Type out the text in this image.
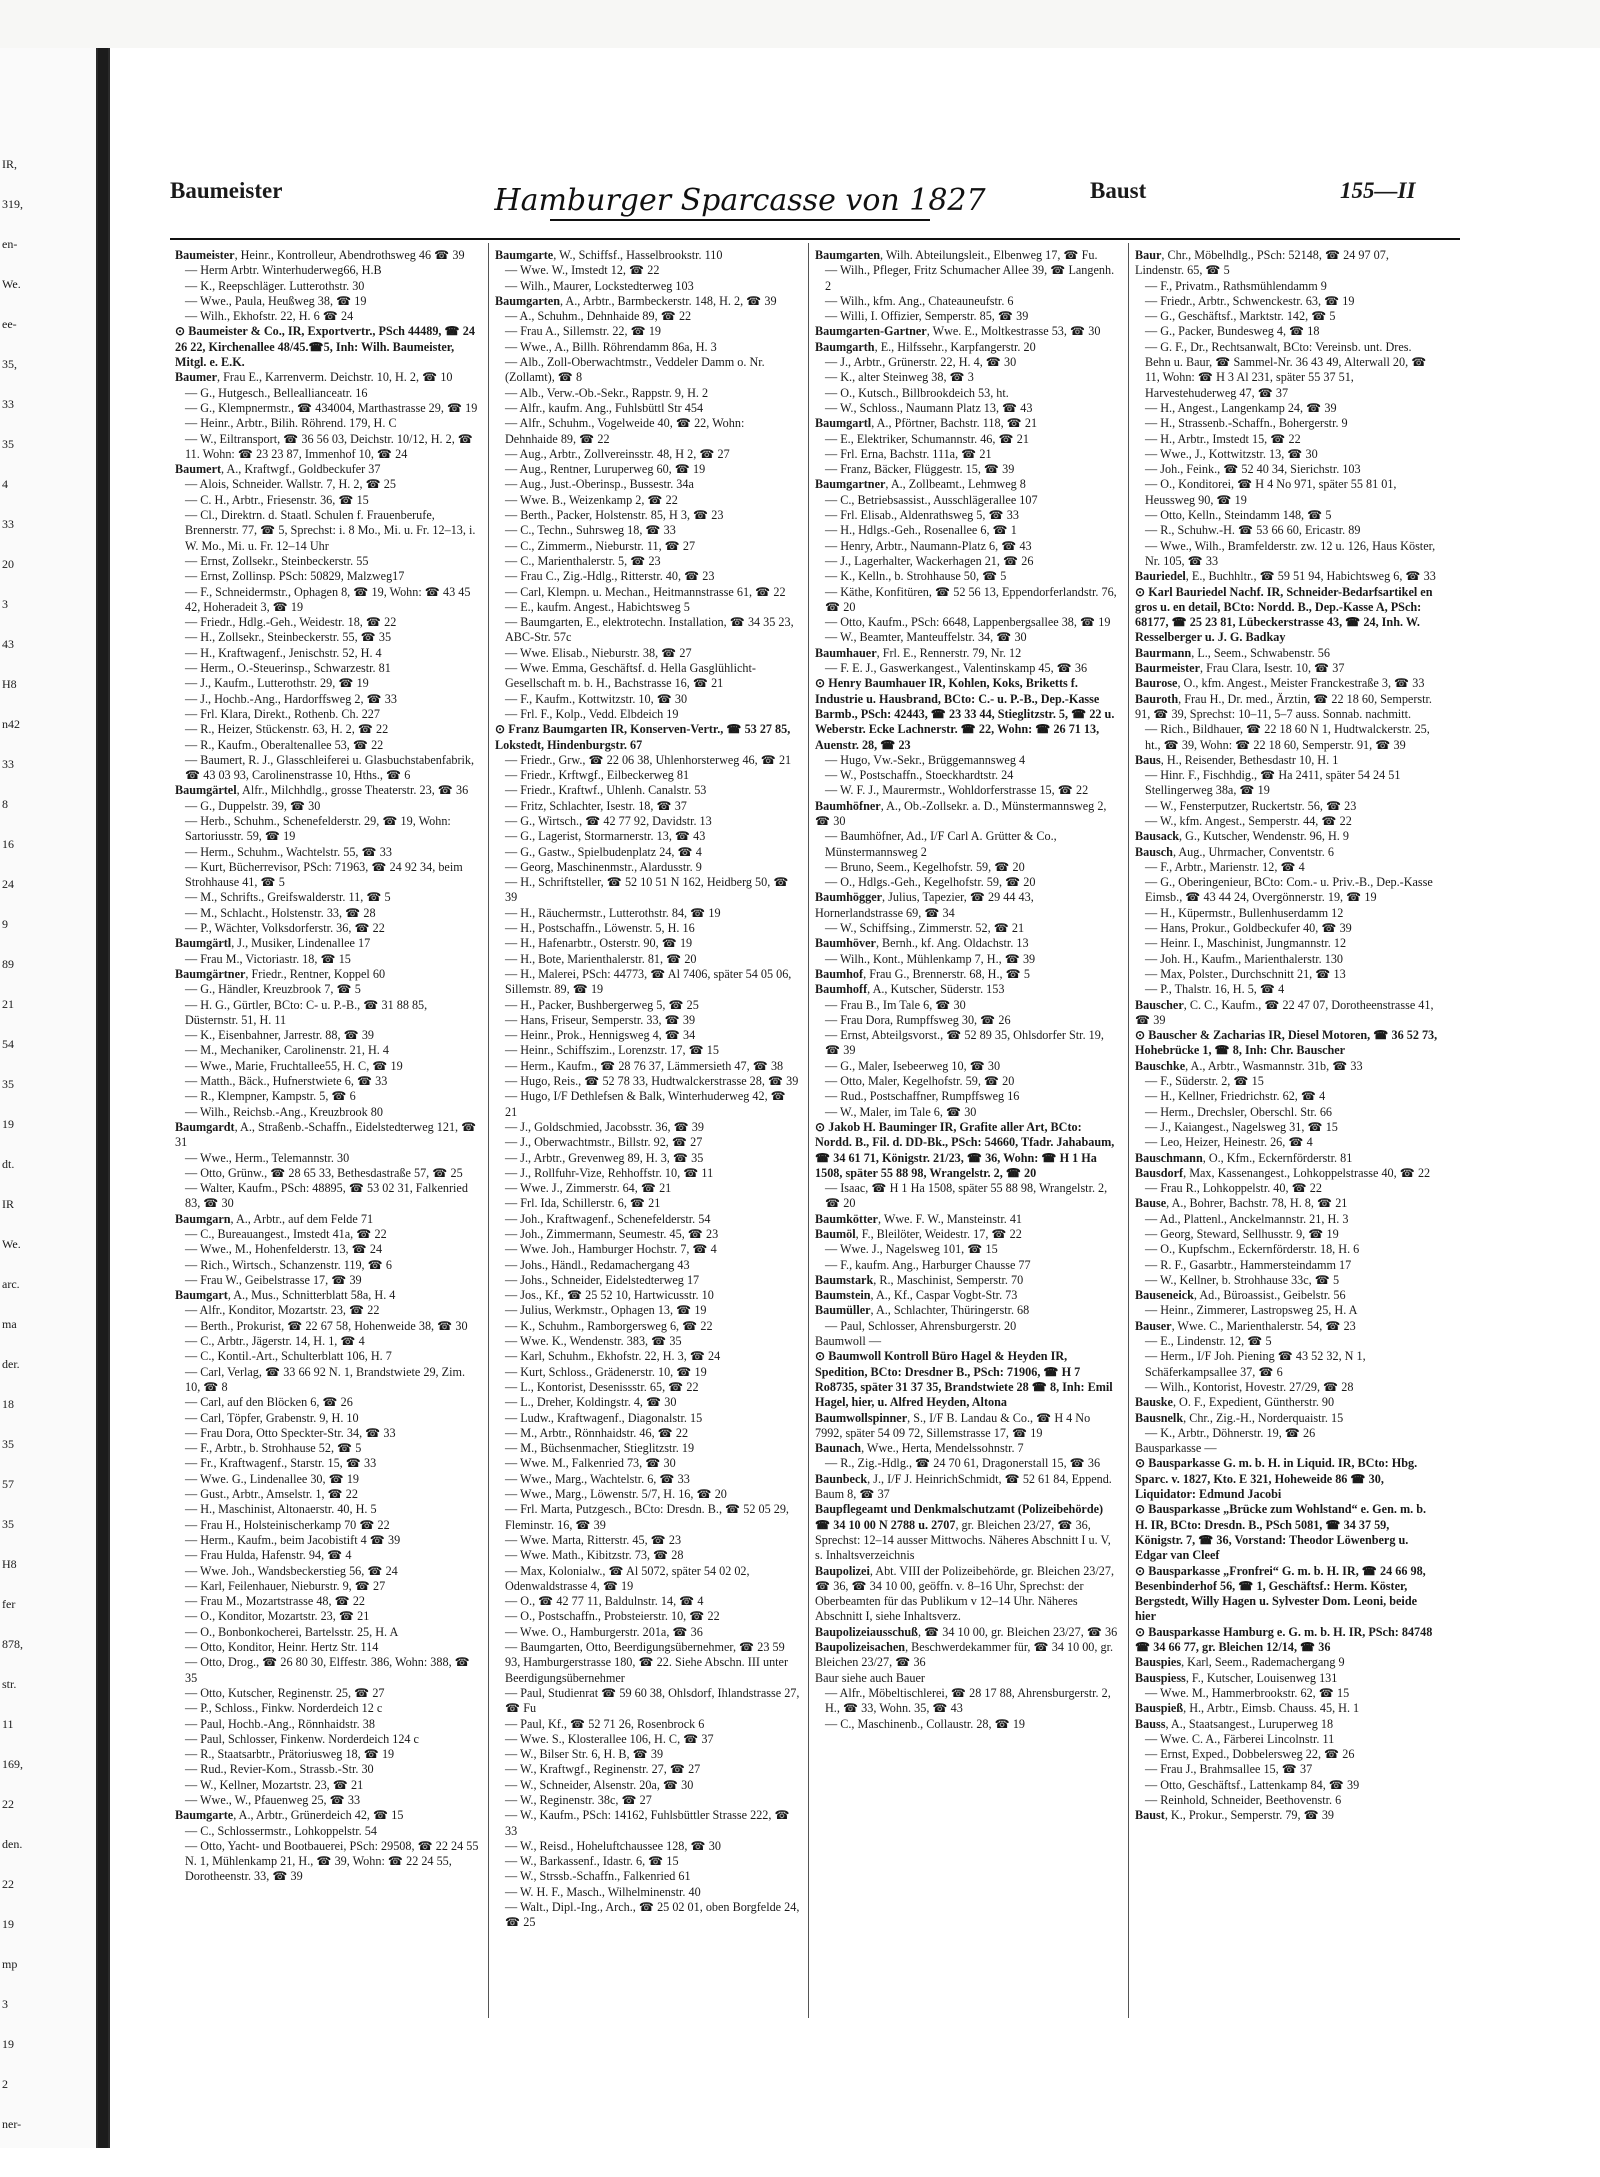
IR,
319,
en-
We.
ee-
35,
33
35
4
33
20
3
43
H8
n42
33
8
16
24
9
89
21
54
35
19
dt.
IR
We.
arc.
ma
der.
18
35
57
35
H8
fer
878,
str.
11
169,
22
den.
22
19
mp
3
19
2
ner-
Baumeister	Hamburger Sparcasse von 1827	Baust	155—II
Baumeister, Heinr., Kontrolleur, Abendrothsweg 46 ☎ 39
— Herm Arbtr. Winterhuderweg66, H.B
— K., Reepschläger. Lutterothstr. 30
— Wwe., Paula, Heußweg 38, ☎ 19
— Wilh., Ekhofstr. 22, H. 6 ☎ 24
⊙ Baumeister & Co., IR, Exportvertr., PSch 44489, ☎ 24 26 22, Kirchenallee 48/45.☎5, Inh: Wilh. Baumeister, Mitgl. e. E.K.
Baumer, Frau E., Karrenverm. Deichstr. 10, H. 2, ☎ 10
— G., Hutgesch., Belleallianceatr. 16
— G., Klempnermstr., ☎ 434004, Marthastrasse 29, ☎ 19
— Heinr., Arbtr., Bilih. Röhrend. 179, H. C
— W., Eiltransport, ☎ 36 56 03, Deichstr. 10/12, H. 2, ☎ 11. Wohn: ☎ 23 23 87, Immenhof 10, ☎ 24
Baumert, A., Kraftwgf., Goldbeckufer 37
— Alois, Schneider. Wallstr. 7, H. 2, ☎ 25
— C. H., Arbtr., Friesenstr. 36, ☎ 15
— Cl., Direktrn. d. Staatl. Schulen f. Frauenberufe, Brennerstr. 77, ☎ 5, Sprechst: i. 8 Mo., Mi. u. Fr. 12–13, i. W. Mo., Mi. u. Fr. 12–14 Uhr
— Ernst, Zollsekr., Steinbeckerstr. 55
— Ernst, Zollinsp. PSch: 50829, Malzweg17
— F., Schneidermstr., Ophagen 8, ☎ 19, Wohn: ☎ 43 45 42, Hoheradeit 3, ☎ 19
— Friedr., Hdlg.-Geh., Weidestr. 18, ☎ 22
— H., Zollsekr., Steinbeckerstr. 55, ☎ 35
— H., Kraftwagenf., Jenischstr. 52, H. 4
— Herm., O.-Steuerinsp., Schwarzestr. 81
— J., Kaufm., Lutterothstr. 29, ☎ 19
— J., Hochb.-Ang., Hardorffsweg 2, ☎ 33
— Frl. Klara, Direkt., Rothenb. Ch. 227
— R., Heizer, Stückenstr. 63, H. 2, ☎ 22
— R., Kaufm., Oberaltenallee 53, ☎ 22
— Baumert, R. J., Glasschleiferei u. Glasbuchstabenfabrik, ☎ 43 03 93, Carolinenstrasse 10, Hths., ☎ 6
Baumgärtel, Alfr., Milchhdlg., grosse Theaterstr. 23, ☎ 36
— G., Duppelstr. 39, ☎ 30
— Herb., Schuhm., Schenefelderstr. 29, ☎ 19, Wohn: Sartoriusstr. 59, ☎ 19
— Herm., Schuhm., Wachtelstr. 55, ☎ 33
— Kurt, Bücherrevisor, PSch: 71963, ☎ 24 92 34, beim Strohhause 41, ☎ 5
— M., Schrifts., Greifswalderstr. 11, ☎ 5
— M., Schlacht., Holstenstr. 33, ☎ 28
— P., Wächter, Volksdorferstr. 36, ☎ 22
Baumgärtl, J., Musiker, Lindenallee 17
— Frau M., Victoriastr. 18, ☎ 15
Baumgärtner, Friedr., Rentner, Koppel 60
— G., Händler, Kreuzbrook 7, ☎ 5
— H. G., Gürtler, BCto: C- u. P.-B., ☎ 31 88 85, Düsternstr. 51, H. 11
— K., Eisenbahner, Jarrestr. 88, ☎ 39
— M., Mechaniker, Carolinenstr. 21, H. 4
— Wwe., Marie, Fruchtallee55, H. C, ☎ 19
— Matth., Bäck., Hufnerstwiete 6, ☎ 33
— R., Klempner, Kampstr. 5, ☎ 6
— Wilh., Reichsb.-Ang., Kreuzbrook 80
Baumgardt, A., Straßenb.-Schaffn., Eidelstedterweg 121, ☎ 31
— Wwe., Herm., Telemannstr. 30
— Otto, Grünw., ☎ 28 65 33, Bethesdastraße 57, ☎ 25
— Walter, Kaufm., PSch: 48895, ☎ 53 02 31, Falkenried 83, ☎ 30
Baumgarn, A., Arbtr., auf dem Felde 71
— C., Bureauangest., Imstedt 41a, ☎ 22
— Wwe., M., Hohenfelderstr. 13, ☎ 24
— Rich., Wirtsch., Schanzenstr. 119, ☎ 6
— Frau W., Geibelstrasse 17, ☎ 39
Baumgart, A., Mus., Schnitterblatt 58a, H. 4
— Alfr., Konditor, Mozartstr. 23, ☎ 22
— Berth., Prokurist, ☎ 22 67 58, Hohenweide 38, ☎ 30
— C., Arbtr., Jägerstr. 14, H. 1, ☎ 4
— C., Kontil.-Art., Schulterblatt 106, H. 7
— Carl, Verlag, ☎ 33 66 92 N. 1, Brandstwiete 29, Zim. 10, ☎ 8
— Carl, auf den Blöcken 6, ☎ 26
— Carl, Töpfer, Grabenstr. 9, H. 10
— Frau Dora, Otto Speckter-Str. 34, ☎ 33
— F., Arbtr., b. Strohhause 52, ☎ 5
— Fr., Kraftwagenf., Starstr. 15, ☎ 33
— Wwe. G., Lindenallee 30, ☎ 19
— Gust., Arbtr., Amselstr. 1, ☎ 22
— H., Maschinist, Altonaerstr. 40, H. 5
— Frau H., Holsteinischerkamp 70 ☎ 22
— Herm., Kaufm., beim Jacobistift 4 ☎ 39
— Frau Hulda, Hafenstr. 94, ☎ 4
— Wwe. Joh., Wandsbeckerstieg 56, ☎ 24
— Karl, Feilenhauer, Nieburstr. 9, ☎ 27
— Frau M., Mozartstrasse 48, ☎ 22
— O., Konditor, Mozartstr. 23, ☎ 21
— O., Bonbonkocherei, Bartelsstr. 25, H. A
— Otto, Konditor, Heinr. Hertz Str. 114
— Otto, Drog., ☎ 26 80 30, Elffestr. 386, Wohn: 388, ☎ 35
— Otto, Kutscher, Reginenstr. 25, ☎ 27
— P., Schloss., Finkw. Norderdeich 12 c
— Paul, Hochb.-Ang., Rönnhaidstr. 38
— Paul, Schlosser, Finkenw. Norderdeich 124 c
— R., Staatsarbtr., Prätoriusweg 18, ☎ 19
— Rud., Revier-Kom., Strassb.-Str. 30
— W., Kellner, Mozartstr. 23, ☎ 21
— Wwe., W., Pfauenweg 25, ☎ 33
Baumgarte, A., Arbtr., Grünerdeich 42, ☎ 15
— C., Schlossermstr., Lohkoppelstr. 54
— Otto, Yacht- und Bootbauerei, PSch: 29508, ☎ 22 24 55 N. 1, Mühlenkamp 21, H., ☎ 39, Wohn: ☎ 22 24 55, Dorotheenstr. 33, ☎ 39
Baumgarte, W., Schiffsf., Hasselbrookstr. 110
— Wwe. W., Imstedt 12, ☎ 22
— Wilh., Maurer, Lockstedterweg 103
Baumgarten, A., Arbtr., Barmbeckerstr. 148, H. 2, ☎ 39
— A., Schuhm., Dehnhaide 89, ☎ 22
— Frau A., Sillemstr. 22, ☎ 19
— Wwe., A., Billh. Röhrendamm 86a, H. 3
— Alb., Zoll-Oberwachtmstr., Veddeler Damm o. Nr. (Zollamt), ☎ 8
— Alb., Verw.-Ob.-Sekr., Rappstr. 9, H. 2
— Alfr., kaufm. Ang., Fuhlsbüttl Str 454
— Alfr., Schuhm., Vogelweide 40, ☎ 22, Wohn: Dehnhaide 89, ☎ 22
— Aug., Arbtr., Zollvereinsstr. 48, H 2, ☎ 27
— Aug., Rentner, Luruperweg 60, ☎ 19
— Aug., Just.-Oberinsp., Bussestr. 34a
— Wwe. B., Weizenkamp 2, ☎ 22
— Berth., Packer, Holstenstr. 85, H 3, ☎ 23
— C., Techn., Suhrsweg 18, ☎ 33
— C., Zimmerm., Nieburstr. 11, ☎ 27
— C., Marienthalerstr. 5, ☎ 23
— Frau C., Zig.-Hdlg., Ritterstr. 40, ☎ 23
— Carl, Klempn. u. Mechan., Heitmannstrasse 61, ☎ 22
— E., kaufm. Angest., Habichtsweg 5
— Baumgarten, E., elektrotechn. Installation, ☎ 34 35 23, ABC-Str. 57c
— Wwe. Elisab., Nieburstr. 38, ☎ 27
— Wwe. Emma, Geschäftsf. d. Hella Gasglühlicht-Gesellschaft m. b. H., Bachstrasse 16, ☎ 21
— F., Kaufm., Kottwitzstr. 10, ☎ 30
— Frl. F., Kolp., Vedd. Elbdeich 19
⊙ Franz Baumgarten IR, Konserven-Vertr., ☎ 53 27 85, Lokstedt, Hindenburgstr. 67
— Friedr., Grw., ☎ 22 06 38, Uhlenhorsterweg 46, ☎ 21
— Friedr., Krftwgf., Eilbeckerweg 81
— Friedr., Kraftwf., Uhlenh. Canalstr. 53
— Fritz, Schlachter, Isestr. 18, ☎ 37
— G., Wirtsch., ☎ 42 77 92, Davidstr. 13
— G., Lagerist, Stormarnerstr. 13, ☎ 43
— G., Gastw., Spielbudenplatz 24, ☎ 4
— Georg, Maschinenmstr., Alardusstr. 9
— H., Schriftsteller, ☎ 52 10 51 N 162, Heidberg 50, ☎ 39
— H., Räuchermstr., Lutterothstr. 84, ☎ 19
— H., Postschaffn., Löwenstr. 5, H. 16
— H., Hafenarbtr., Osterstr. 90, ☎ 19
— H., Bote, Marienthalerstr. 81, ☎ 20
— H., Malerei, PSch: 44773, ☎ Al 7406, später 54 05 06, Sillemstr. 89, ☎ 19
— H., Packer, Bushbergerweg 5, ☎ 25
— Hans, Friseur, Semperstr. 33, ☎ 39
— Heinr., Prok., Hennigsweg 4, ☎ 34
— Heinr., Schiffszim., Lorenzstr. 17, ☎ 15
— Herm., Kaufm., ☎ 28 76 37, Lämmersieth 47, ☎ 38
— Hugo, Reis., ☎ 52 78 33, Hudtwalckerstrasse 28, ☎ 39
— Hugo, I/F Dethlefsen & Balk, Winterhuderweg 42, ☎ 21
— J., Goldschmied, Jacobsstr. 36, ☎ 39
— J., Oberwachtmstr., Billstr. 92, ☎ 27
— J., Arbtr., Grevenweg 89, H. 3, ☎ 35
— J., Rollfuhr-Vize, Rehhoffstr. 10, ☎ 11
— Wwe. J., Zimmerstr. 64, ☎ 21
— Frl. Ida, Schillerstr. 6, ☎ 21
— Joh., Kraftwagenf., Schenefelderstr. 54
— Joh., Zimmermann, Seumestr. 45, ☎ 23
— Wwe. Joh., Hamburger Hochstr. 7, ☎ 4
— Johs., Händl., Redamachergang 43
— Johs., Schneider, Eidelstedterweg 17
— Jos., Kf., ☎ 25 52 10, Hartwicusstr. 10
— Julius, Werkmstr., Ophagen 13, ☎ 19
— K., Schuhm., Ramborgersweg 6, ☎ 22
— Wwe. K., Wendenstr. 383, ☎ 35
— Karl, Schuhm., Ekhofstr. 22, H. 3, ☎ 24
— Kurt, Schloss., Grädenerstr. 10, ☎ 19
— L., Kontorist, Desenissstr. 65, ☎ 22
— L., Dreher, Koldingstr. 4, ☎ 30
— Ludw., Kraftwagenf., Diagonalstr. 15
— M., Arbtr., Rönnhaidstr. 46, ☎ 22
— M., Büchsenmacher, Stieglitzstr. 19
— Wwe. M., Falkenried 73, ☎ 30
— Wwe., Marg., Wachtelstr. 6, ☎ 33
— Wwe., Marg., Löwenstr. 5/7, H. 16, ☎ 20
— Frl. Marta, Putzgesch., BCto: Dresdn. B., ☎ 52 05 29, Fleminstr. 16, ☎ 39
— Wwe. Marta, Ritterstr. 45, ☎ 23
— Wwe. Math., Kibitzstr. 73, ☎ 28
— Max, Kolonialw., ☎ Al 5072, später 54 02 02, Odenwaldstrasse 4, ☎ 19
— O., ☎ 42 77 11, Baldulnstr. 14, ☎ 4
— O., Postschaffn., Probsteierstr. 10, ☎ 22
— Wwe. O., Hamburgerstr. 201a, ☎ 36
— Baumgarten, Otto, Beerdigungsübernehmer, ☎ 23 59 93, Hamburgerstrasse 180, ☎ 22. Siehe Abschn. III unter Beerdigungsübernehmer
— Paul, Studienrat ☎ 59 60 38, Ohlsdorf, Ihlandstrasse 27, ☎ Fu
— Paul, Kf., ☎ 52 71 26, Rosenbrock 6
— Wwe. S., Klosterallee 106, H. C, ☎ 37
— W., Bilser Str. 6, H. B, ☎ 39
— W., Kraftwgf., Reginenstr. 27, ☎ 27
— W., Schneider, Alsenstr. 20a, ☎ 30
— W., Reginenstr. 38c, ☎ 27
— W., Kaufm., PSch: 14162, Fuhlsbüttler Strasse 222, ☎ 33
— W., Reisd., Hoheluftchaussee 128, ☎ 30
— W., Barkassenf., Idastr. 6, ☎ 15
— W., Strssb.-Schaffn., Falkenried 61
— W. H. F., Masch., Wilhelminenstr. 40
— Walt., Dipl.-Ing., Arch., ☎ 25 02 01, oben Borgfelde 24, ☎ 25
Baumgarten, Wilh. Abteilungsleit., Elbenweg 17, ☎ Fu.
— Wilh., Pfleger, Fritz Schumacher Allee 39, ☎ Langenh. 2
— Wilh., kfm. Ang., Chateauneufstr. 6
— Willi, I. Offizier, Semperstr. 85, ☎ 39
Baumgarten-Gartner, Wwe. E., Moltkestrasse 53, ☎ 30
Baumgarth, E., Hilfssehr., Karpfangerstr. 20
— J., Arbtr., Grünerstr. 22, H. 4, ☎ 30
— K., alter Steinweg 38, ☎ 3
— O., Kutsch., Billbrookdeich 53, ht.
— W., Schloss., Naumann Platz 13, ☎ 43
Baumgartl, A., Pförtner, Bachstr. 118, ☎ 21
— E., Elektriker, Schumannstr. 46, ☎ 21
— Frl. Erna, Bachstr. 111a, ☎ 21
— Franz, Bäcker, Flüggestr. 15, ☎ 39
Baumgartner, A., Zollbeamt., Lehmweg 8
— C., Betriebsassist., Ausschlägerallee 107
— Frl. Elisab., Aldenrathsweg 5, ☎ 33
— H., Hdlgs.-Geh., Rosenallee 6, ☎ 1
— Henry, Arbtr., Naumann-Platz 6, ☎ 43
— J., Lagerhalter, Wackerhagen 21, ☎ 26
— K., Kelln., b. Strohhause 50, ☎ 5
— Käthe, Konfitüren, ☎ 52 56 13, Eppendorferlandstr. 76, ☎ 20
— Otto, Kaufm., PSch: 6648, Lappenbergsallee 38, ☎ 19
— W., Beamter, Manteuffelstr. 34, ☎ 30
Baumhauer, Frl. E., Rennerstr. 79, Nr. 12
— F. E. J., Gaswerkangest., Valentinskamp 45, ☎ 36
⊙ Henry Baumhauer IR, Kohlen, Koks, Briketts f. Industrie u. Hausbrand, BCto: C.- u. P.-B., Dep.-Kasse Barmb., PSch: 42443, ☎ 23 33 44, Stieglitzstr. 5, ☎ 22 u. Weberstr. Ecke Lachnerstr. ☎ 22, Wohn: ☎ 26 71 13, Auenstr. 28, ☎ 23
— Hugo, Vw.-Sekr., Brüggemannsweg 4
— W., Postschaffn., Stoeckhardtstr. 24
— W. F. J., Maurermstr., Wohldorferstrasse 15, ☎ 22
Baumhöfner, A., Ob.-Zollsekr. a. D., Münstermannsweg 2, ☎ 30
— Baumhöfner, Ad., I/F Carl A. Grütter & Co., Münstermannsweg 2
— Bruno, Seem., Kegelhofstr. 59, ☎ 20
— O., Hdlgs.-Geh., Kegelhofstr. 59, ☎ 20
Baumhögger, Julius, Tapezier, ☎ 29 44 43, Hornerlandstrasse 69, ☎ 34
— W., Schiffsing., Zimmerstr. 52, ☎ 21
Baumhöver, Bernh., kf. Ang. Oldachstr. 13
— Wilh., Kont., Mühlenkamp 7, H., ☎ 39
Baumhof, Frau G., Brennerstr. 68, H., ☎ 5
Baumhoff, A., Kutscher, Süderstr. 153
— Frau B., Im Tale 6, ☎ 30
— Frau Dora, Rumpffsweg 30, ☎ 26
— Ernst, Abteilgsvorst., ☎ 52 89 35, Ohlsdorfer Str. 19, ☎ 39
— G., Maler, Isebeerweg 10, ☎ 30
— Otto, Maler, Kegelhofstr. 59, ☎ 20
— Rud., Postschaffner, Rumpffsweg 16
— W., Maler, im Tale 6, ☎ 30
⊙ Jakob H. Bauminger IR, Grafite aller Art, BCto: Nordd. B., Fil. d. DD-Bk., PSch: 54660, Tfadr. Jahabaum, ☎ 34 61 71, Königstr. 21/23, ☎ 36, Wohn: ☎ H 1 Ha 1508, später 55 88 98, Wrangelstr. 2, ☎ 20
— Isaac, ☎ H 1 Ha 1508, später 55 88 98, Wrangelstr. 2, ☎ 20
Baumkötter, Wwe. F. W., Mansteinstr. 41
Baumöl, F., Bleilöter, Weidestr. 17, ☎ 22
— Wwe. J., Nagelsweg 101, ☎ 15
— F., kaufm. Ang., Harburger Chausse 77
Baumstark, R., Maschinist, Semperstr. 70
Baumstein, A., Kf., Caspar Vogbt-Str. 73
Baumüller, A., Schlachter, Thüringerstr. 68
— Paul, Schlosser, Ahrensburgerstr. 20
Baumwoll —
⊙ Baumwoll Kontroll Büro Hagel & Heyden IR, Spedition, BCto: Dresdner B., PSch: 71906, ☎ H 7 Ro8735, später 31 37 35, Brandstwiete 28 ☎ 8, Inh: Emil Hagel, hier, u. Alfred Heyden, Altona
Baumwollspinner, S., I/F B. Landau & Co., ☎ H 4 No 7992, später 54 09 72, Sillemstrasse 17, ☎ 19
Baunach, Wwe., Herta, Mendelssohnstr. 7
— R., Zig.-Hdlg., ☎ 24 70 61, Dragonerstall 15, ☎ 36
Baunbeck, J., I/F J. HeinrichSchmidt, ☎ 52 61 84, Eppend. Baum 8, ☎ 37
Baupflegeamt und Denkmalschutzamt (Polizeibehörde) ☎ 34 10 00 N 2788 u. 2707, gr. Bleichen 23/27, ☎ 36, Sprechst: 12–14 ausser Mittwochs. Näheres Abschnitt I u. V, s. Inhaltsverzeichnis
Baupolizei, Abt. VIII der Polizeibehörde, gr. Bleichen 23/27, ☎ 36, ☎ 34 10 00, geöffn. v. 8–16 Uhr, Sprechst: der Oberbeamten für das Publikum v 12–14 Uhr. Näheres Abschnitt I, siehe Inhaltsverz.
Baupolizeiausschuß, ☎ 34 10 00, gr. Bleichen 23/27, ☎ 36
Baupolizeisachen, Beschwerdekammer für, ☎ 34 10 00, gr. Bleichen 23/27, ☎ 36
Baur siehe auch Bauer
— Alfr., Möbeltischlerei, ☎ 28 17 88, Ahrensburgerstr. 2, H., ☎ 33, Wohn. 35, ☎ 43
— C., Maschinenb., Collaustr. 28, ☎ 19
Baur, Chr., Möbelhdlg., PSch: 52148, ☎ 24 97 07, Lindenstr. 65, ☎ 5
— F., Privatm., Rathsmühlendamm 9
— Friedr., Arbtr., Schwenckestr. 63, ☎ 19
— G., Geschäftsf., Marktstr. 142, ☎ 5
— G., Packer, Bundesweg 4, ☎ 18
— G. F., Dr., Rechtsanwalt, BCto: Vereinsb. unt. Dres. Behn u. Baur, ☎ Sammel-Nr. 36 43 49, Alterwall 20, ☎ 11, Wohn: ☎ H 3 Al 231, später 55 37 51, Harvestehuderweg 47, ☎ 37
— H., Angest., Langenkamp 24, ☎ 39
— H., Strassenb.-Schaffn., Bohergerstr. 9
— H., Arbtr., Imstedt 15, ☎ 22
— Wwe., J., Kottwitzstr. 13, ☎ 30
— Joh., Feink., ☎ 52 40 34, Sierichstr. 103
— O., Konditorei, ☎ H 4 No 971, später 55 81 01, Heussweg 90, ☎ 19
— Otto, Kelln., Steindamm 148, ☎ 5
— R., Schuhw.-H. ☎ 53 66 60, Ericastr. 89
— Wwe., Wilh., Bramfelderstr. zw. 12 u. 126, Haus Köster, Nr. 105, ☎ 33
Bauriedel, E., Buchhltr., ☎ 59 51 94, Habichtsweg 6, ☎ 33
⊙ Karl Bauriedel Nachf. IR, Schneider-Bedarfsartikel en gros u. en detail, BCto: Nordd. B., Dep.-Kasse A, PSch: 68177, ☎ 25 23 81, Lübeckerstrasse 43, ☎ 24, Inh. W. Resselberger u. J. G. Badkay
Baurmann, L., Seem., Schwabenstr. 56
Baurmeister, Frau Clara, Isestr. 10, ☎ 37
Baurose, O., kfm. Angest., Meister Franckestraße 3, ☎ 33
Bauroth, Frau H., Dr. med., Ärztin, ☎ 22 18 60, Semperstr. 91, ☎ 39, Sprechst: 10–11, 5–7 auss. Sonnab. nachmitt.
— Rich., Bildhauer, ☎ 22 18 60 N 1, Hudtwalckerstr. 25, ht., ☎ 39, Wohn: ☎ 22 18 60, Semperstr. 91, ☎ 39
Baus, H., Reisender, Bethesdastr 10, H. 1
— Hinr. F., Fischhdig., ☎ Ha 2411, später 54 24 51 Stellingerweg 38a, ☎ 19
— W., Fensterputzer, Ruckertstr. 56, ☎ 23
— W., kfm. Angest., Semperstr. 44, ☎ 22
Bausack, G., Kutscher, Wendenstr. 96, H. 9
Bausch, Aug., Uhrmacher, Conventstr. 6
— F., Arbtr., Marienstr. 12, ☎ 4
— G., Oberingenieur, BCto: Com.- u. Priv.-B., Dep.-Kasse Eimsb., ☎ 43 44 24, Overgönnerstr. 19, ☎ 19
— H., Küpermstr., Bullenhuserdamm 12
— Hans, Prokur., Goldbeckufer 40, ☎ 39
— Heinr. I., Maschinist, Jungmannstr. 12
— Joh. H., Kaufm., Marienthalerstr. 130
— Max, Polster., Durchschnitt 21, ☎ 13
— P., Thalstr. 16, H. 5, ☎ 4
Bauscher, C. C., Kaufm., ☎ 22 47 07, Dorotheenstrasse 41, ☎ 39
⊙ Bauscher & Zacharias IR, Diesel Motoren, ☎ 36 52 73, Hohebrücke 1, ☎ 8, Inh: Chr. Bauscher
Bauschke, A., Arbtr., Wasmannstr. 31b, ☎ 33
— F., Süderstr. 2, ☎ 15
— H., Kellner, Friedrichstr. 62, ☎ 4
— Herm., Drechsler, Oberschl. Str. 66
— J., Kaiangest., Nagelsweg 31, ☎ 15
— Leo, Heizer, Heinestr. 26, ☎ 4
Bauschmann, O., Kfm., Eckernförderstr. 81
Bausdorf, Max, Kassenangest., Lohkoppelstrasse 40, ☎ 22
— Frau R., Lohkoppelstr. 40, ☎ 22
Bause, A., Bohrer, Bachstr. 78, H. 8, ☎ 21
— Ad., Plattenl., Anckelmannstr. 21, H. 3
— Georg, Steward, Sellhusstr. 9, ☎ 19
— O., Kupfschm., Eckernförderstr. 18, H. 6
— R. F., Gasarbtr., Hammersteindamm 17
— W., Kellner, b. Strohhause 33c, ☎ 5
Bauseneick, Ad., Büroassist., Geibelstr. 56
— Heinr., Zimmerer, Lastropsweg 25, H. A
Bauser, Wwe. C., Marienthalerstr. 54, ☎ 23
— E., Lindenstr. 12, ☎ 5
— Herm., I/F Joh. Piening ☎ 43 52 32, N 1, Schäferkampsallee 37, ☎ 6
— Wilh., Kontorist, Hovestr. 27/29, ☎ 28
Bauske, O. F., Expedient, Güntherstr. 90
Bausnelk, Chr., Zig.-H., Norderquaistr. 15
— K., Arbtr., Döhnerstr. 19, ☎ 26
Bausparkasse —
⊙ Bausparkasse G. m. b. H. in Liquid. IR, BCto: Hbg. Sparc. v. 1827, Kto. E 321, Hoheweide 86 ☎ 30, Liquidator: Edmund Jacobi
⊙ Bausparkasse „Brücke zum Wohlstand“ e. Gen. m. b. H. IR, BCto: Dresdn. B., PSch 5081, ☎ 34 37 59, Königstr. 7, ☎ 36, Vorstand: Theodor Löwenberg u. Edgar van Cleef
⊙ Bausparkasse „Fronfrei“ G. m. b. H. IR, ☎ 24 66 98, Besenbinderhof 56, ☎ 1, Geschäftsf.: Herm. Köster, Bergstedt, Willy Hagen u. Sylvester Dom. Leoni, beide hier
⊙ Bausparkasse Hamburg e. G. m. b. H. IR, PSch: 84748 ☎ 34 66 77, gr. Bleichen 12/14, ☎ 36
Bauspies, Karl, Seem., Rademachergang 9
Bauspiess, F., Kutscher, Louisenweg 131
— Wwe. M., Hammerbrookstr. 62, ☎ 15
Bauspieß, H., Arbtr., Eimsb. Chauss. 45, H. 1
Bauss, A., Staatsangest., Luruperweg 18
— Wwe. C. A., Färberei Lincolnstr. 11
— Ernst, Exped., Dobbelersweg 22, ☎ 26
— Frau J., Brahmsallee 15, ☎ 37
— Otto, Geschäftsf., Lattenkamp 84, ☎ 39
— Reinhold, Schneider, Beethovenstr. 6
Baust, K., Prokur., Semperstr. 79, ☎ 39
